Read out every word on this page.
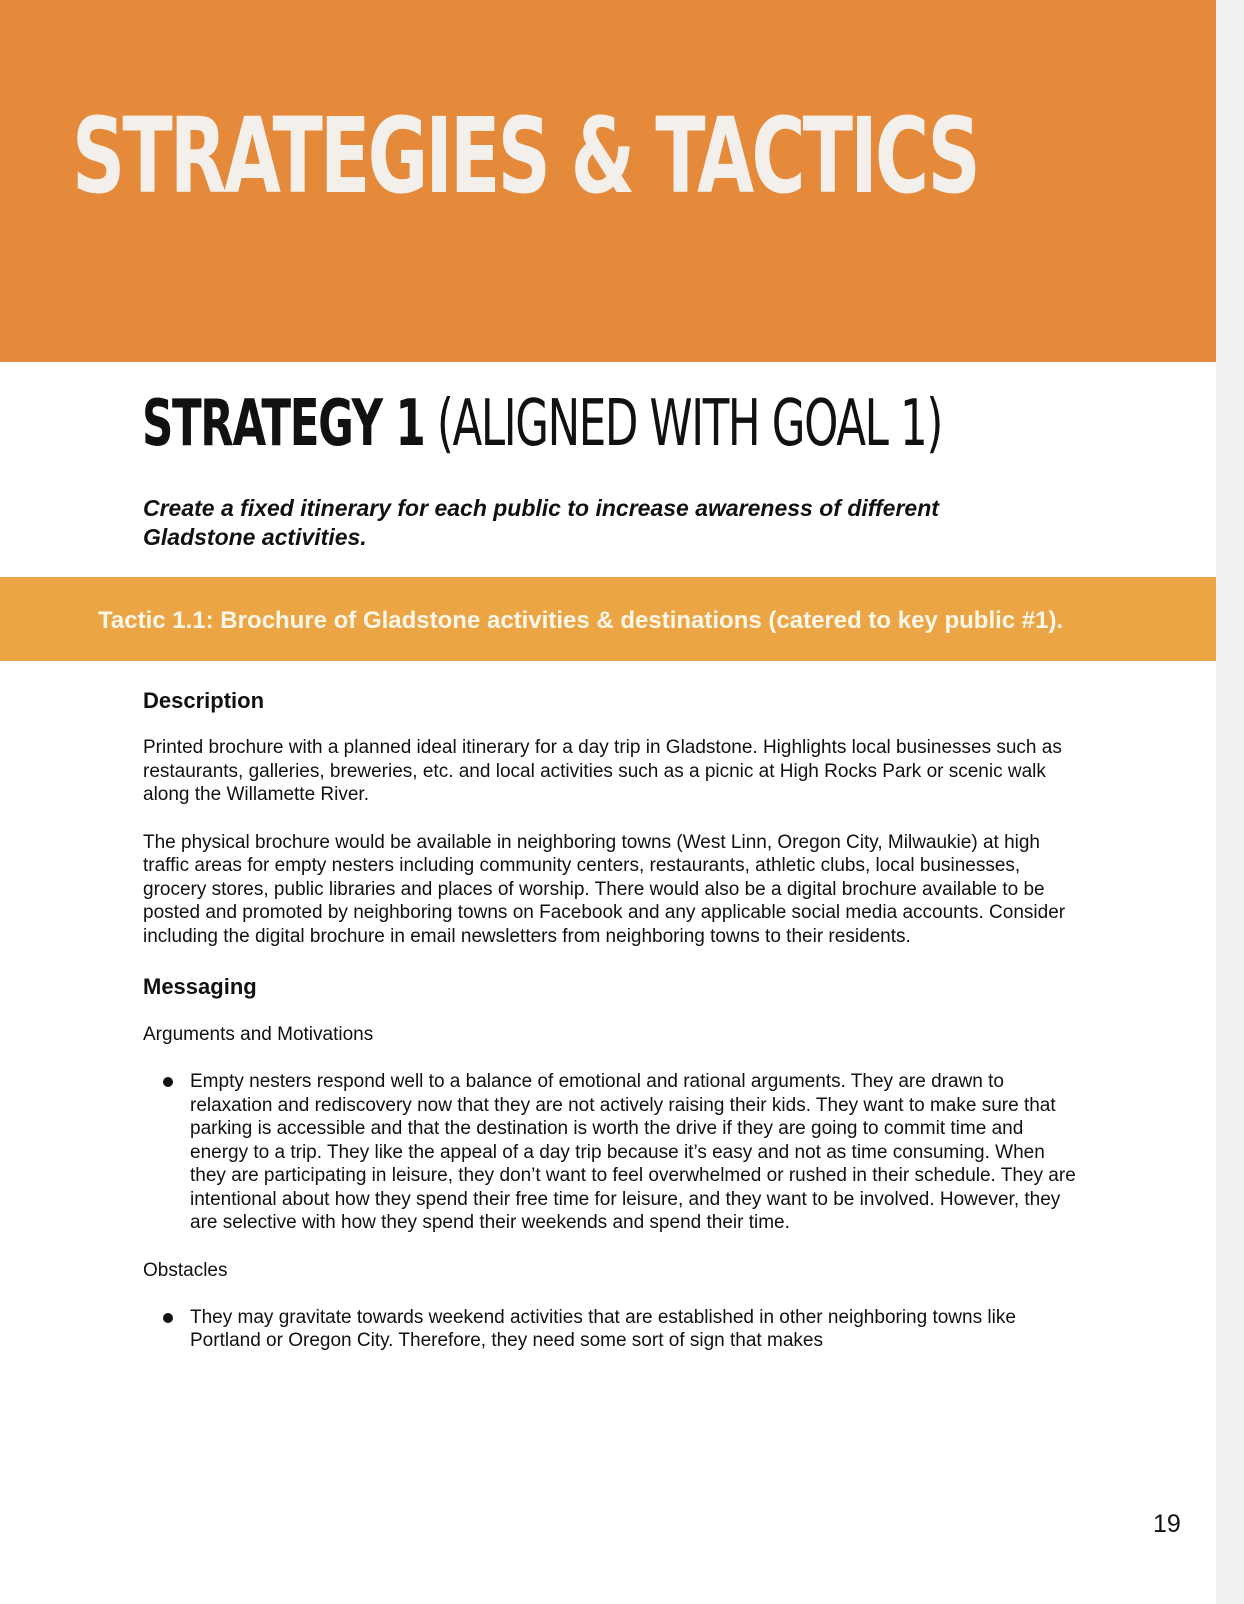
STRATEGIES & TACTICS
STRATEGY 1 (ALIGNED WITH GOAL 1)

Create a fixed itinerary for each public to increase awareness of different Gladstone activities.

Tactic 1.1: Brochure of Gladstone activities & destinations (catered to key public #1).
Description

Printed brochure with a planned ideal itinerary for a day trip in Gladstone. Highlights local businesses such as restaurants, galleries, breweries, etc. and local activities such as a picnic at High Rocks Park or scenic walk along the Willamette River.

The physical brochure would be available in neighboring towns (West Linn, Oregon City, Milwaukie) at high traffic areas for empty nesters including community centers, restaurants, athletic clubs, local businesses, grocery stores, public libraries and places of worship. There would also be a digital brochure available to be posted and promoted by neighboring towns on Facebook and any applicable social media accounts. Consider including the digital brochure in email newsletters from neighboring towns to their residents.

Messaging

Arguments and Motivations

Empty nesters respond well to a balance of emotional and rational arguments. They are drawn to relaxation and rediscovery now that they are not actively raising their kids. They want to make sure that parking is accessible and that the destination is worth the drive if they are going to commit time and energy to a trip. They like the appeal of a day trip because it’s easy and not as time consuming. When they are participating in leisure, they don’t want to feel overwhelmed or rushed in their schedule. They are intentional about how they spend their free time for leisure, and they want to be involved. However, they are selective with how they spend their weekends and spend their time.

Obstacles

They may gravitate towards weekend activities that are established in other neighboring towns like Portland or Oregon City. Therefore, they need some sort of sign that makes

19
